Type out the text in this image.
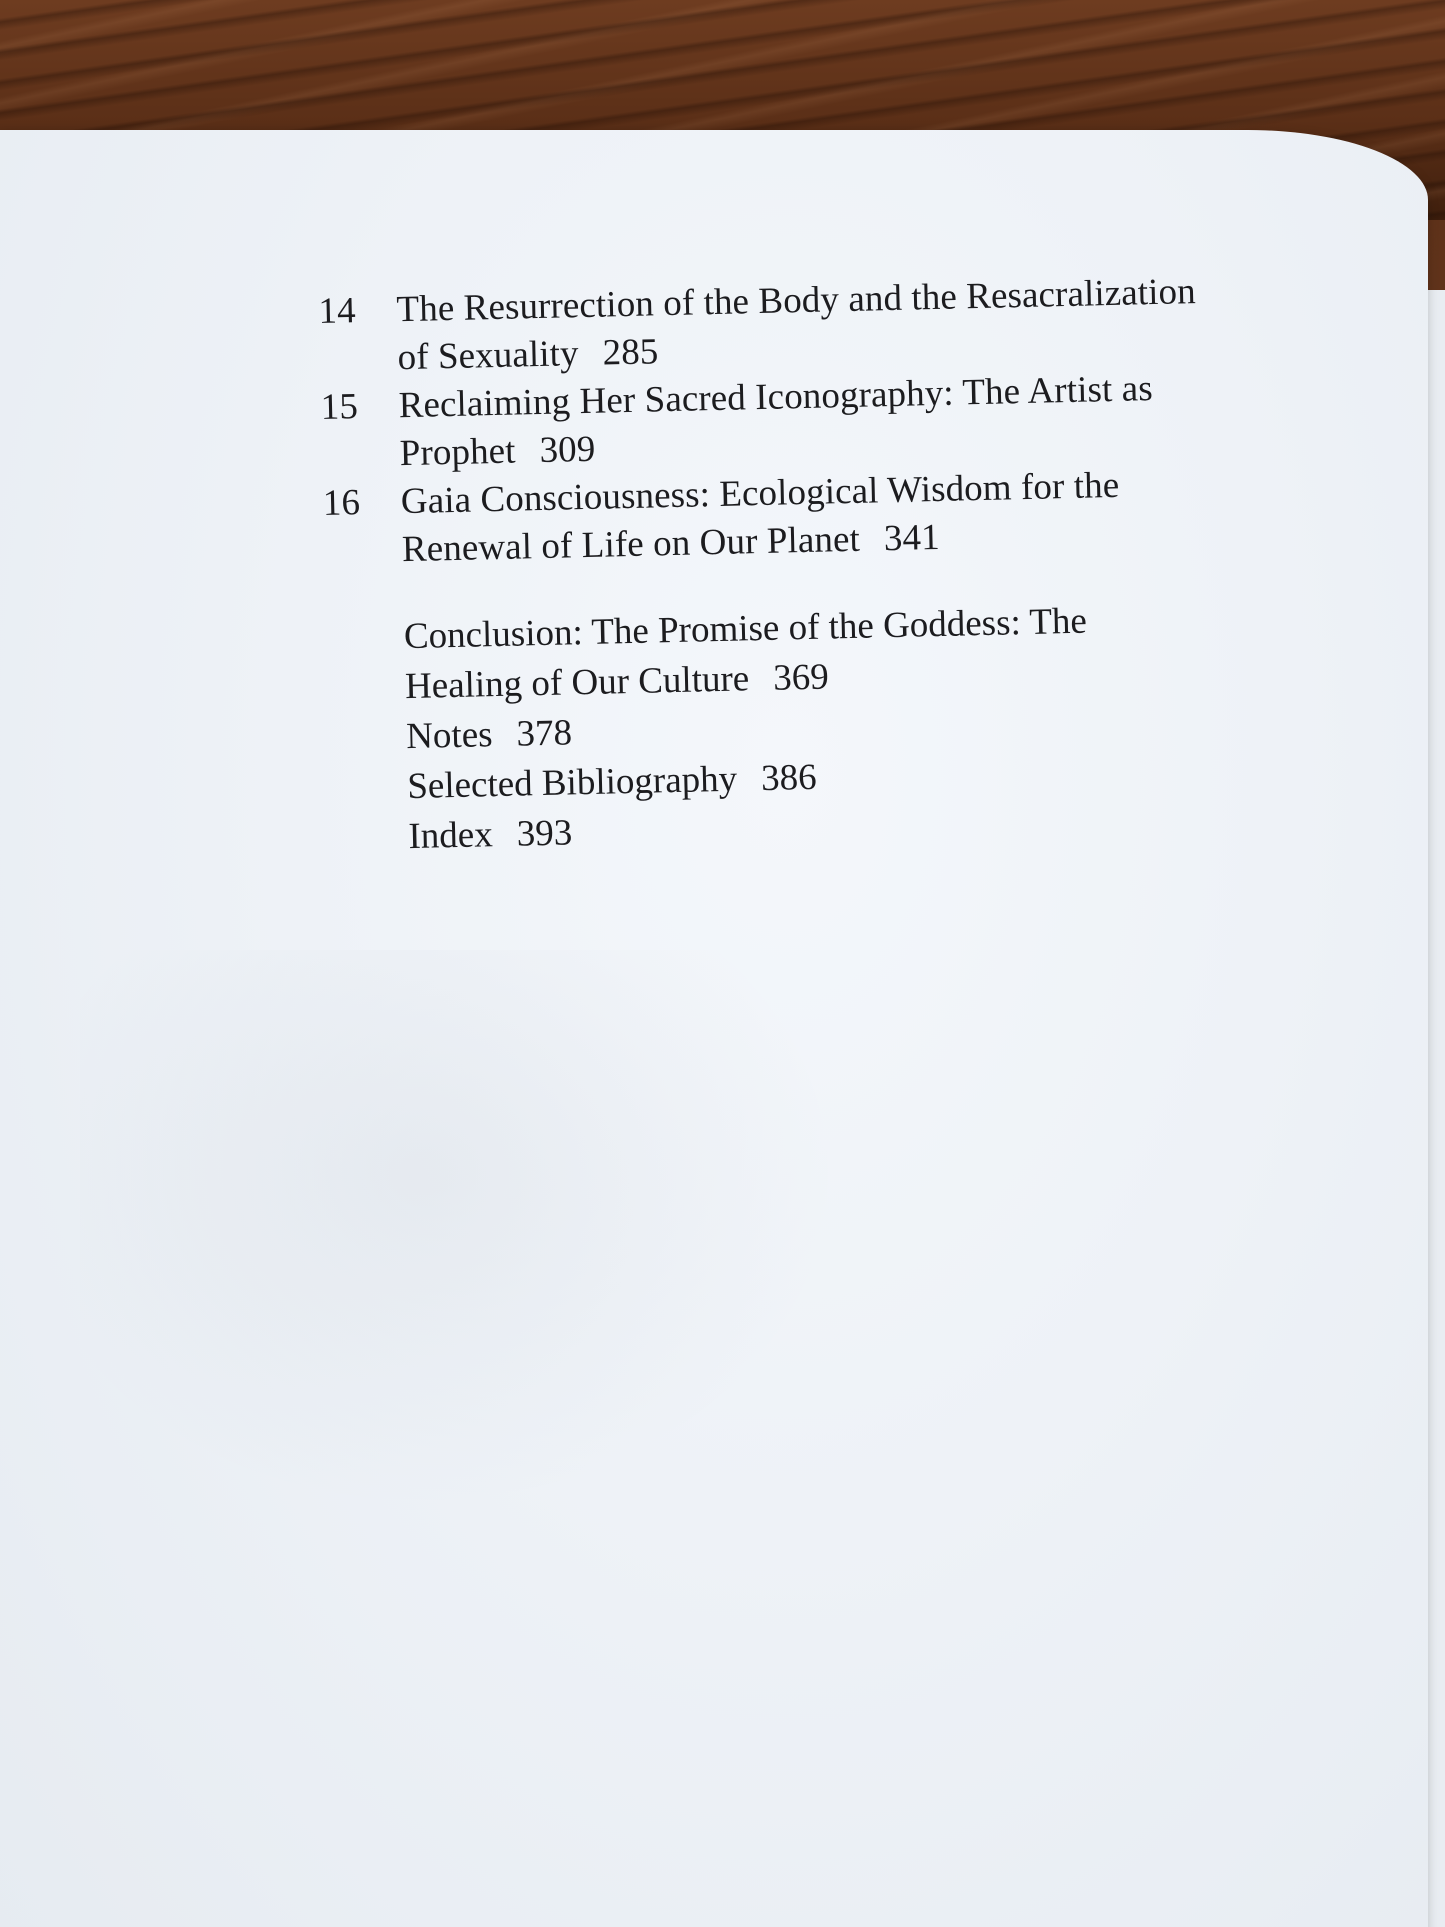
14	The Resurrection of the Body and the Resacralization
of Sexuality 285
15	Reclaiming Her Sacred Iconography: The Artist as
Prophet 309
16	Gaia Consciousness: Ecological Wisdom for the
Renewal of Life on Our Planet 341
Conclusion: The Promise of the Goddess: The
Healing of Our Culture 369
Notes 378
Selected Bibliography 386
Index 393
